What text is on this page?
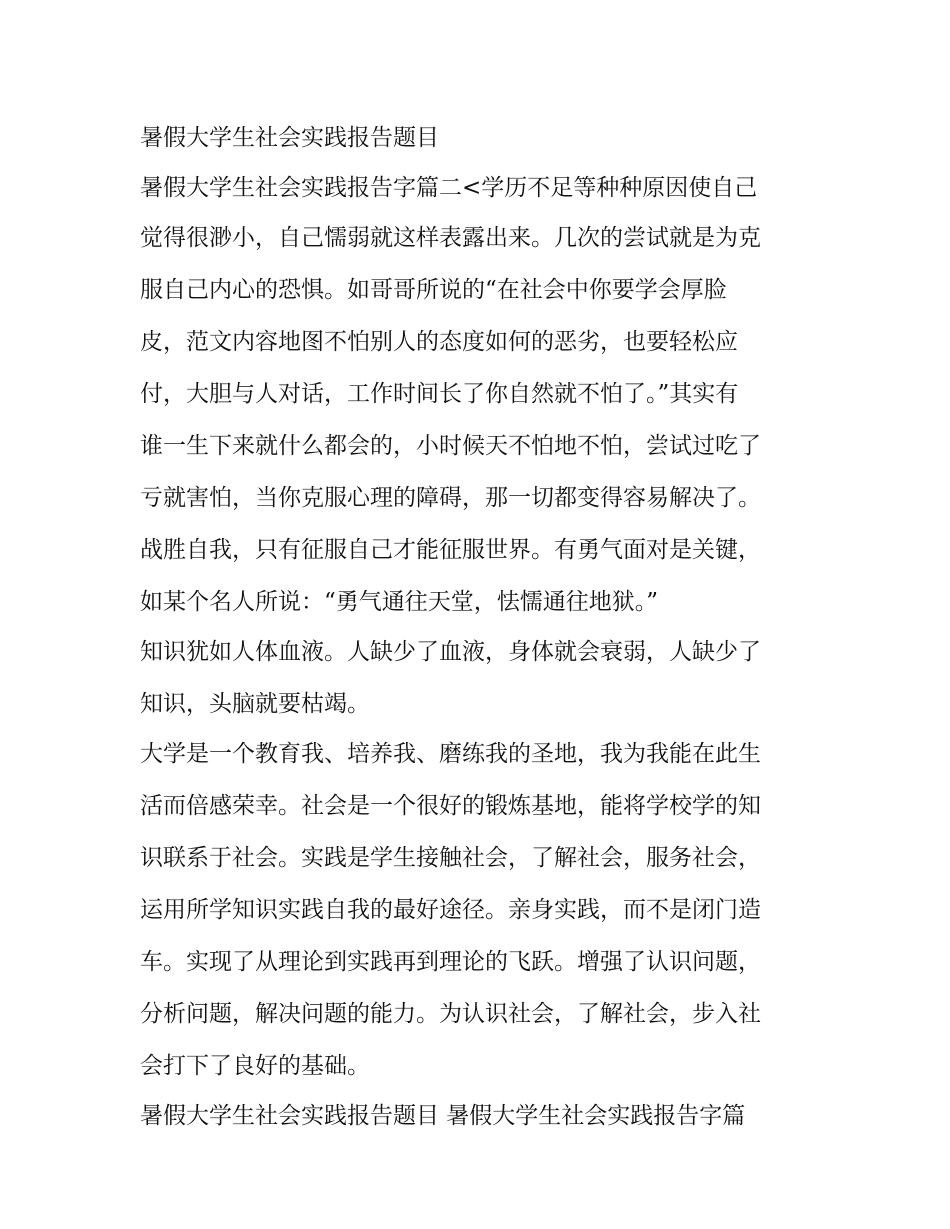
暑假大学生社会实践报告题目
暑假大学生社会实践报告字篇二<学历不足等种种原因使自己
觉得很渺小，自己懦弱就这样表露出来。几次的尝试就是为克
服自己内心的恐惧。如哥哥所说的“在社会中你要学会厚脸
皮，范文内容地图不怕别人的态度如何的恶劣，也要轻松应
付，大胆与人对话，工作时间长了你自然就不怕了。”其实有
谁一生下来就什么都会的，小时候天不怕地不怕，尝试过吃了
亏就害怕，当你克服心理的障碍，那一切都变得容易解决了。
战胜自我，只有征服自己才能征服世界。有勇气面对是关键，
如某个名人所说：“勇气通往天堂，怯懦通往地狱。”
知识犹如人体血液。人缺少了血液，身体就会衰弱，人缺少了
知识，头脑就要枯竭。
大学是一个教育我、培养我、磨练我的圣地，我为我能在此生
活而倍感荣幸。社会是一个很好的锻炼基地，能将学校学的知
识联系于社会。实践是学生接触社会，了解社会，服务社会，
运用所学知识实践自我的最好途径。亲身实践，而不是闭门造
车。实现了从理论到实践再到理论的飞跃。增强了认识问题，
分析问题，解决问题的能力。为认识社会，了解社会，步入社
会打下了良好的基础。
暑假大学生社会实践报告题目 暑假大学生社会实践报告字篇
